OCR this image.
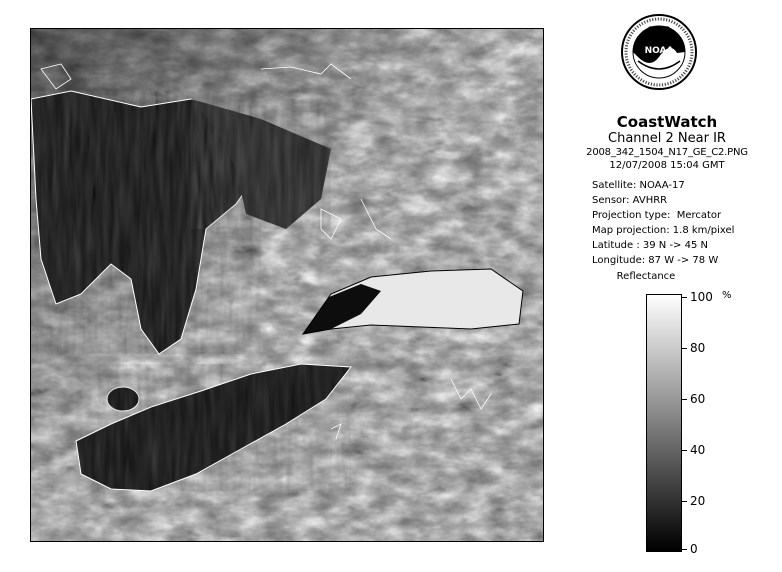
NOAA
CoastWatch
Channel 2 Near IR
2008_342_1504_N17_GE_C2.PNG
12/07/2008 15:04 GMT
Satellite: NOAA-17
Sensor: AVHRR
Projection type:  Mercator
Map projection: 1.8 km/pixel
Latitude : 39 N -> 45 N
Longitude: 87 W -> 78 W
Reflectance
%
100
80
60
40
20
0
